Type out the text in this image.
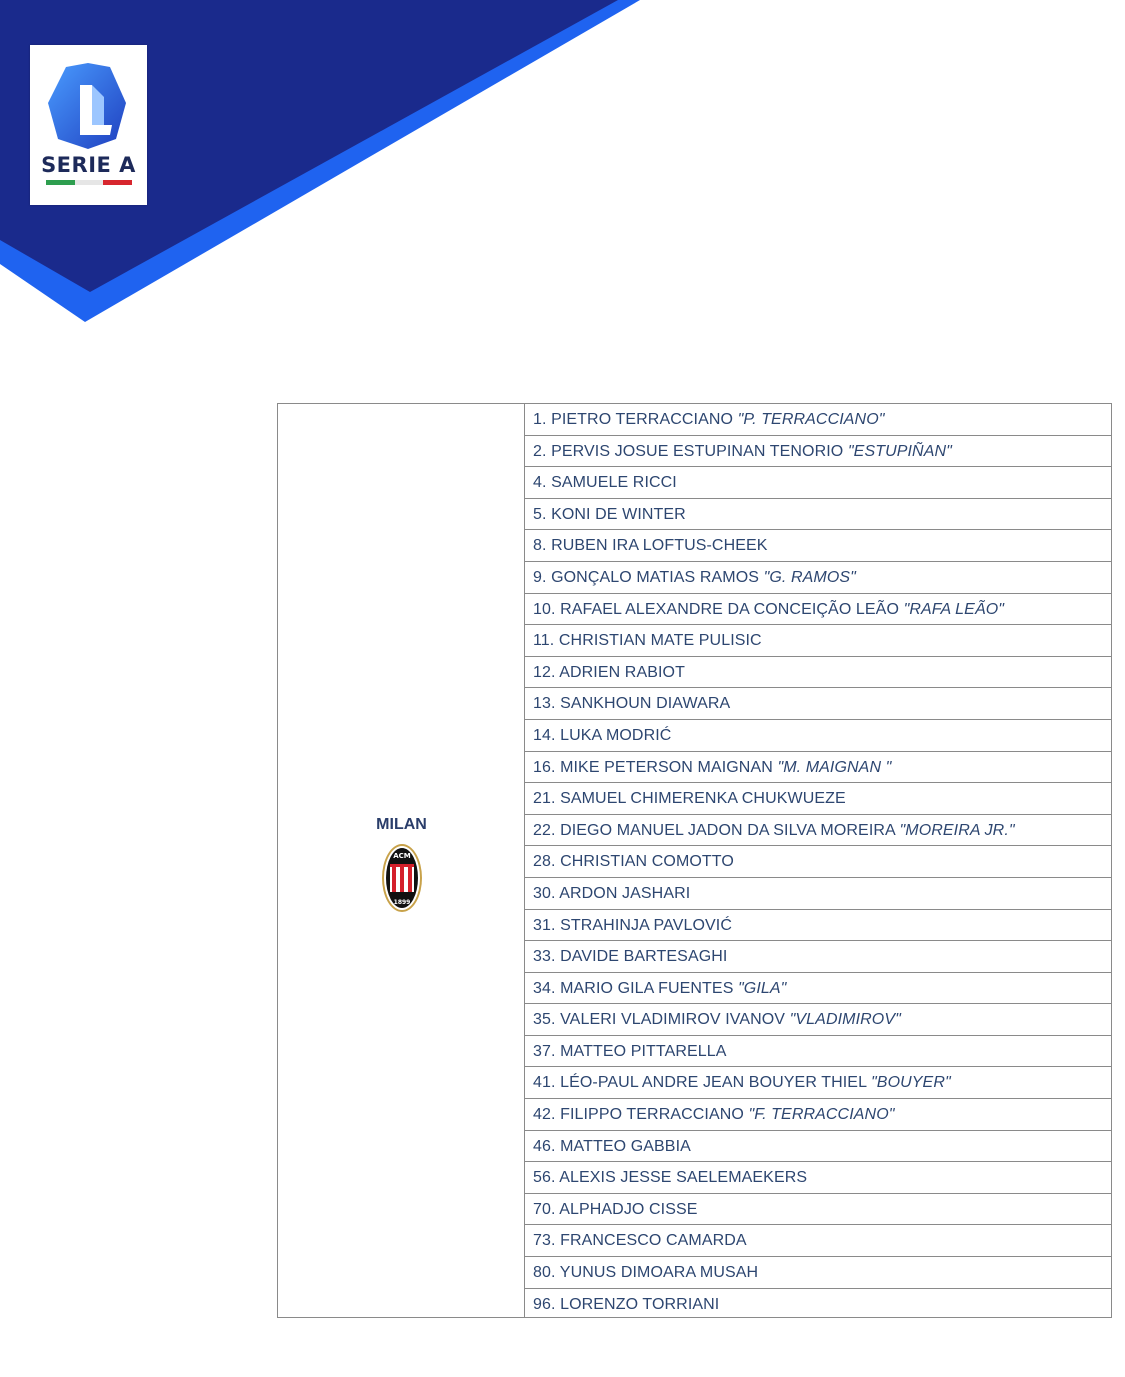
SERIE A
MILAN
ACM
1899
1. PIETRO TERRACCIANO "P. TERRACCIANO"
2. PERVIS JOSUE ESTUPINAN TENORIO "ESTUPIÑAN"
4. SAMUELE RICCI
5. KONI DE WINTER
8. RUBEN IRA LOFTUS-CHEEK
9. GONÇALO MATIAS RAMOS "G. RAMOS"
10. RAFAEL ALEXANDRE DA CONCEIÇÃO LEÃO "RAFA LEÃO"
11. CHRISTIAN MATE PULISIC
12. ADRIEN RABIOT
13. SANKHOUN DIAWARA
14. LUKA MODRIĆ
16. MIKE PETERSON MAIGNAN "M. MAIGNAN "
21. SAMUEL CHIMERENKA CHUKWUEZE
22. DIEGO MANUEL JADON DA SILVA MOREIRA "MOREIRA JR."
28. CHRISTIAN COMOTTO
30. ARDON JASHARI
31. STRAHINJA PAVLOVIĆ
33. DAVIDE BARTESAGHI
34. MARIO GILA FUENTES "GILA"
35. VALERI VLADIMIROV IVANOV "VLADIMIROV"
37. MATTEO PITTARELLA
41. LÉO-PAUL ANDRE JEAN BOUYER THIEL "BOUYER"
42. FILIPPO TERRACCIANO "F. TERRACCIANO"
46. MATTEO GABBIA
56. ALEXIS JESSE SAELEMAEKERS
70. ALPHADJO CISSE
73. FRANCESCO CAMARDA
80. YUNUS DIMOARA MUSAH
96. LORENZO TORRIANI
